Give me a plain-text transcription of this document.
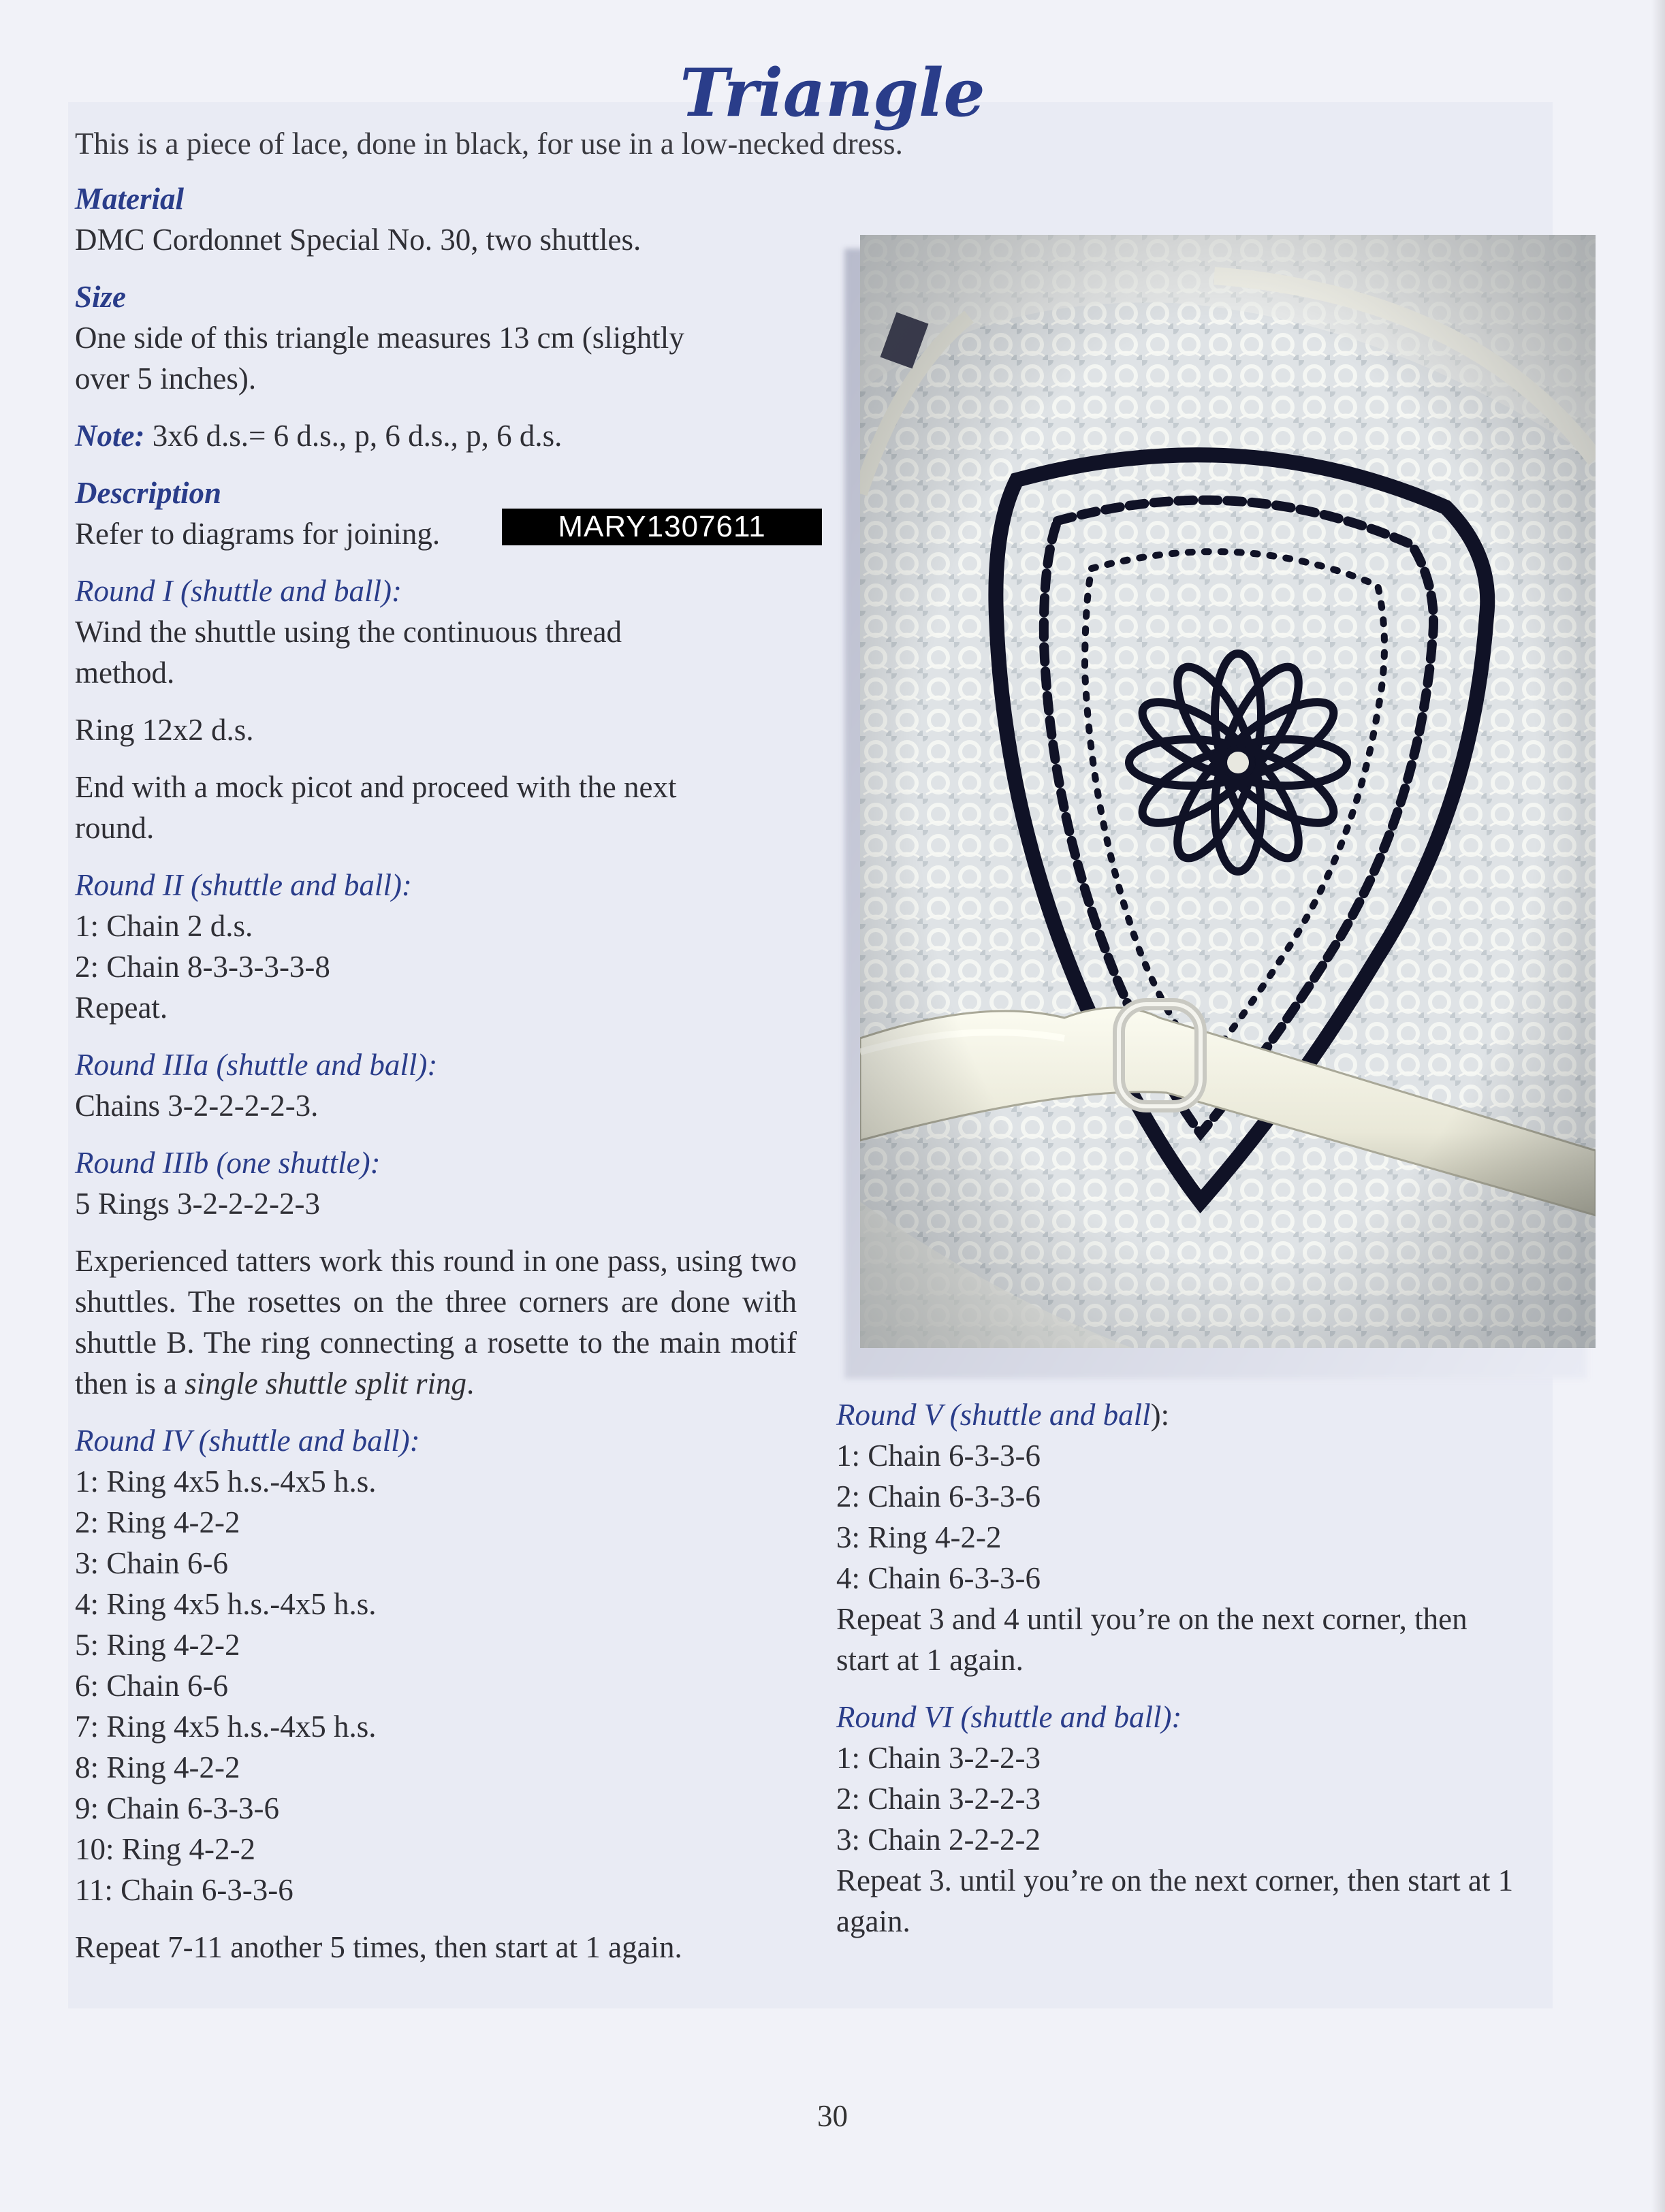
Triangle
This is a piece of lace, done in black, for use in a low-necked dress.

Material
DMC Cordonnet Special No. 30, two shuttles.

Size
One side of this triangle measures 13 cm (slightly
over 5 inches).

Note: 3x6 d.s.= 6 d.s., p, 6 d.s., p, 6 d.s.

Description
Refer to diagrams for joining.

Round I (shuttle and ball):
Wind the shuttle using the continuous thread
method.

Ring 12x2 d.s.

End with a mock picot and proceed with the next
round.

Round II (shuttle and ball):
1: Chain 2 d.s.
2: Chain 8-3-3-3-3-8
Repeat.

Round IIIa (shuttle and ball):
Chains 3-2-2-2-2-3.

Round IIIb (one shuttle):
5 Rings 3-2-2-2-2-3

Experienced tatters work this round in one pass, using two shuttles. The rosettes on the three corners are done with shuttle B. The ring connecting a rosette to the main motif then is a single shuttle split ring.

Round IV (shuttle and ball):
1: Ring 4x5 h.s.-4x5 h.s.
2: Ring 4-2-2
3: Chain 6-6
4: Ring 4x5 h.s.-4x5 h.s.
5: Ring 4-2-2
6: Chain 6-6
7: Ring 4x5 h.s.-4x5 h.s.
8: Ring 4-2-2
9: Chain 6-3-3-6
10: Ring 4-2-2
11: Chain 6-3-3-6

Repeat 7-11 another 5 times, then start at 1 again.

MARY1307611

Round V (shuttle and ball):
1: Chain 6-3-3-6
2: Chain 6-3-3-6
3: Ring 4-2-2
4: Chain 6-3-3-6
Repeat 3 and 4 until you’re on the next corner, then
start at 1 again.

Round VI (shuttle and ball):
1: Chain 3-2-2-3
2: Chain 3-2-2-3
3: Chain 2-2-2-2
Repeat 3. until you’re on the next corner, then start at 1
again.

30
